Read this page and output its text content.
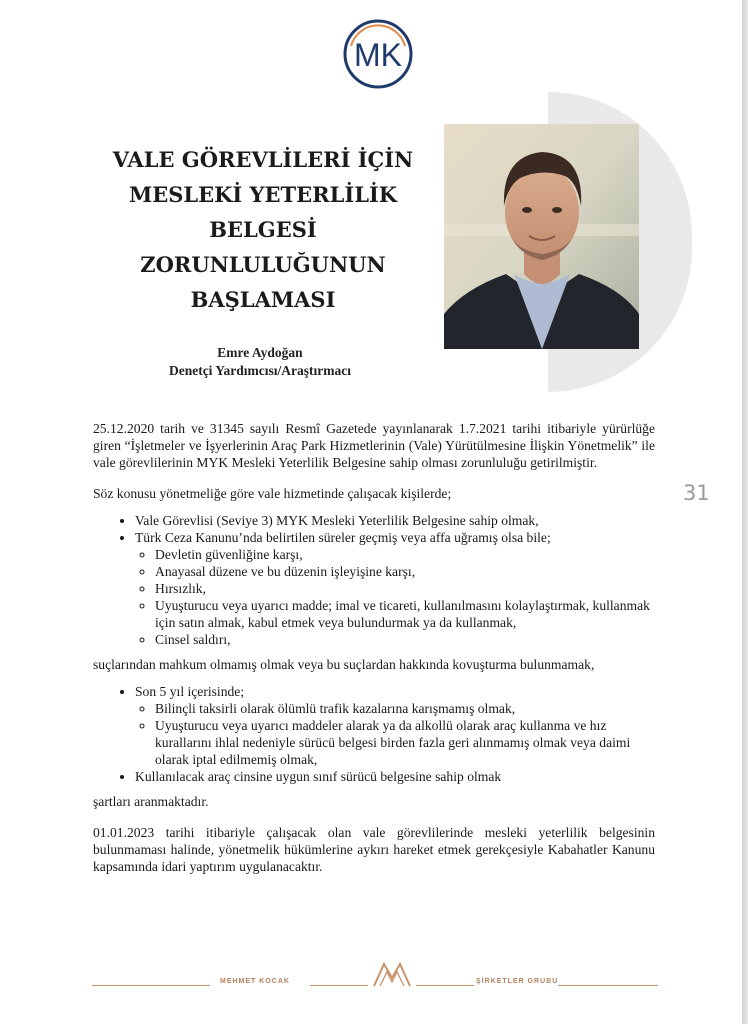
MK
VALE GÖREVLİLERİ İÇİN
MESLEKİ YETERLİLİK
BELGESİ
ZORUNLULUĞUNUN
BAŞLAMASI
Emre Aydoğan
Denetçi Yardımcısı/Araştırmacı
31

25.12.2020 tarih ve 31345 sayılı Resmî Gazetede yayınlanarak 1.7.2021 tarihi itibariyle yürürlüğe giren “İşletmeler ve İşyerlerinin Araç Park Hizmetlerinin (Vale) Yürütülmesine İlişkin Yönetmelik” ile vale görevlilerinin MYK Mesleki Yeterlilik Belgesine sahip olması zorunluluğu getirilmiştir.

Söz konusu yönetmeliğe göre vale hizmetinde çalışacak kişilerde;

• Vale Görevlisi (Seviye 3) MYK Mesleki Yeterlilik Belgesine sahip olmak,
• Türk Ceza Kanunu’nda belirtilen süreler geçmiş veya affa uğramış olsa bile;
◦ Devletin güvenliğine karşı,
◦ Anayasal düzene ve bu düzenin işleyişine karşı,
◦ Hırsızlık,
◦ Uyuşturucu veya uyarıcı madde; imal ve ticareti, kullanılmasını kolaylaştırmak, kullanmak için satın almak, kabul etmek veya bulundurmak ya da kullanmak,
◦ Cinsel saldırı,

suçlarından mahkum olmamış olmak veya bu suçlardan hakkında kovuşturma bulunmamak,

• Son 5 yıl içerisinde;
◦ Bilinçli taksirli olarak ölümlü trafik kazalarına karışmamış olmak,
◦ Uyuşturucu veya uyarıcı maddeler alarak ya da alkollü olarak araç kullanma ve hız kurallarını ihlal nedeniyle sürücü belgesi birden fazla geri alınmamış olmak veya daimi olarak iptal edilmemiş olmak,
• Kullanılacak araç cinsine uygun sınıf sürücü belgesine sahip olmak

şartları aranmaktadır.

01.01.2023 tarihi itibariyle çalışacak olan vale görevlilerinde mesleki yeterlilik belgesinin bulunmaması halinde, yönetmelik hükümlerine aykırı hareket etmek gerekçesiyle Kabahatler Kanunu kapsamında idari yaptırım uygulanacaktır.

MEHMET KOCAK	ŞİRKETLER GRUBU
